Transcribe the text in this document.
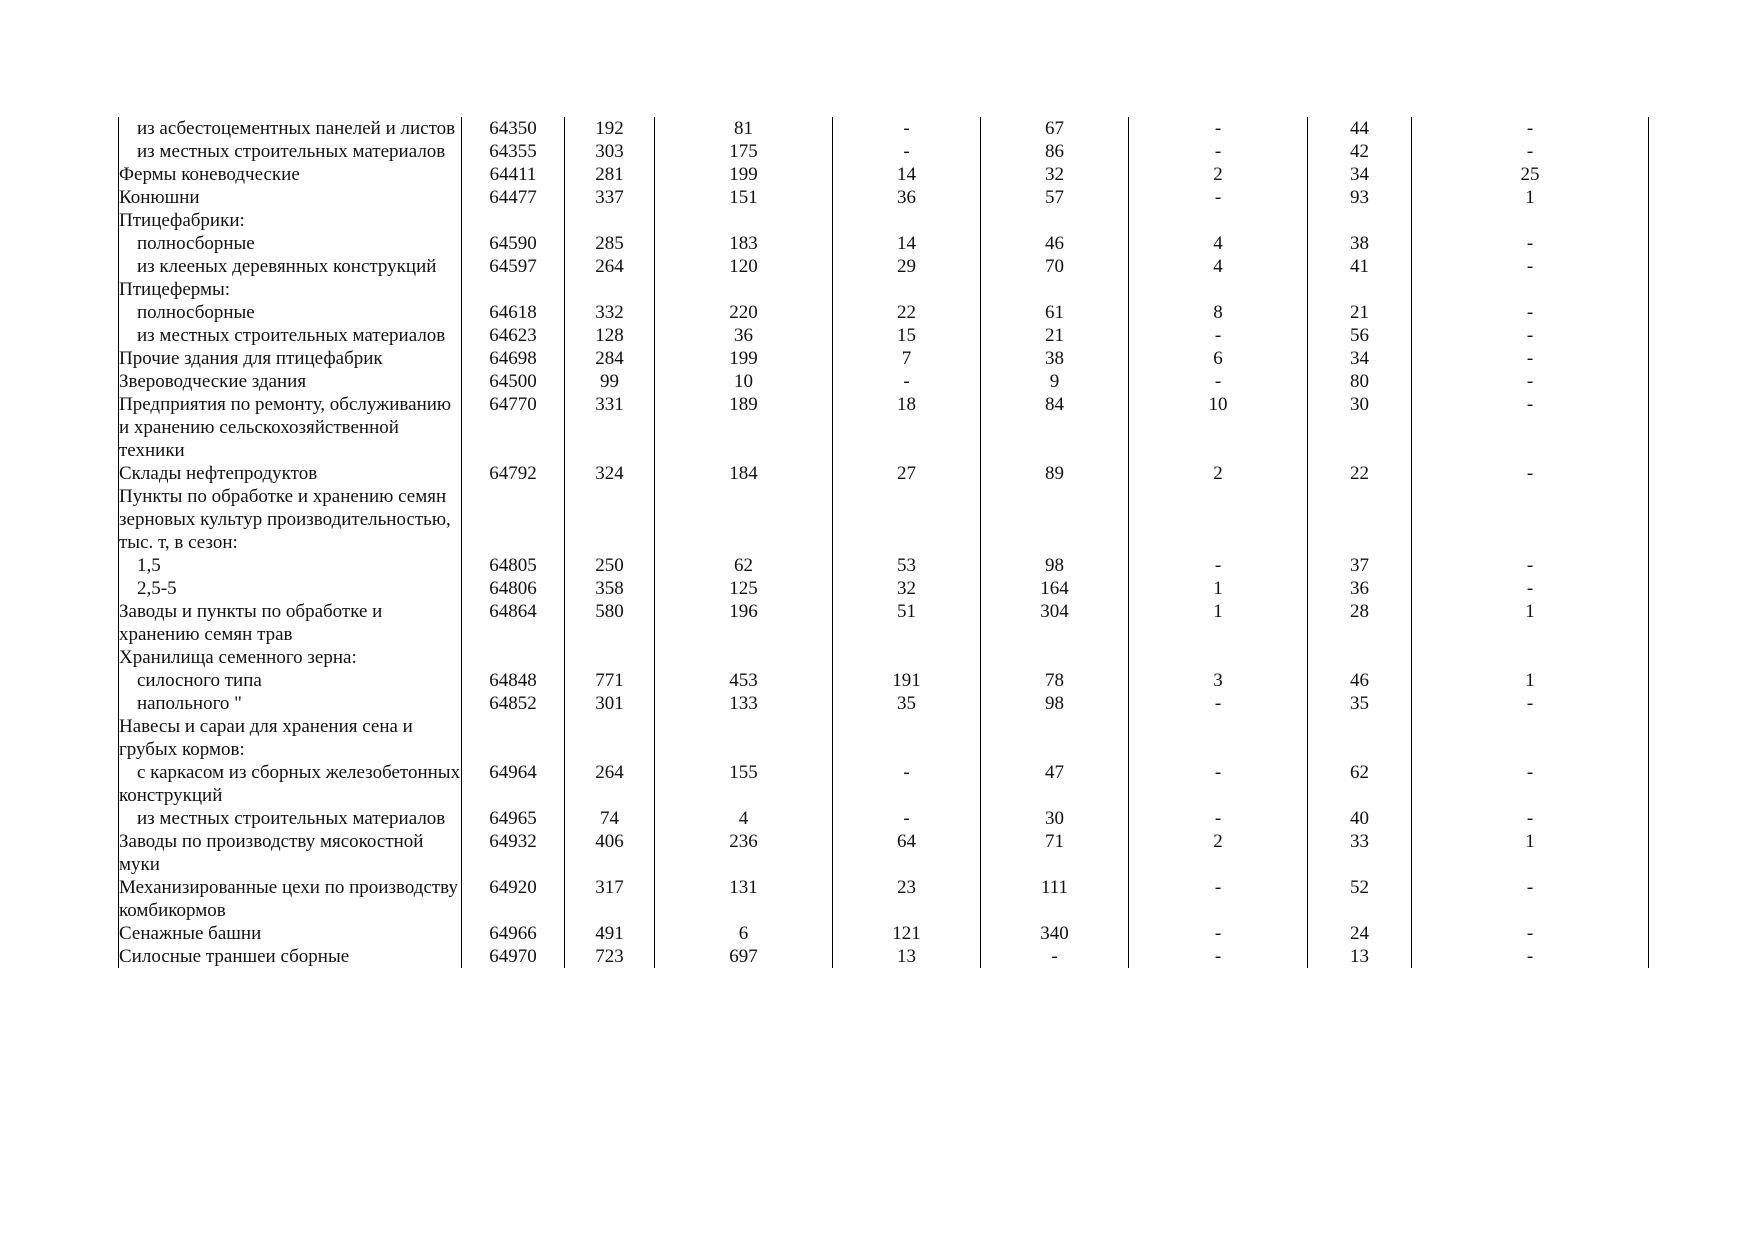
из асбестоцементных панелей и листов	64350	192	81	-	67	-	44	-
из местных строительных материалов	64355	303	175	-	86	-	42	-
Фермы коневодческие	64411	281	199	14	32	2	34	25
Конюшни	64477	337	151	36	57	-	93	1
Птицефабрики:								
полносборные	64590	285	183	14	46	4	38	-
из клееных деревянных конструкций	64597	264	120	29	70	4	41	-
Птицефермы:								
полносборные	64618	332	220	22	61	8	21	-
из местных строительных материалов	64623	128	36	15	21	-	56	-
Прочие здания для птицефабрик	64698	284	199	7	38	6	34	-
Звероводческие здания	64500	99	10	-	9	-	80	-
Предприятия по ремонту, обслуживанию и хранению сельскохозяйственной техники	64770	331	189	18	84	10	30	-
Склады нефтепродуктов	64792	324	184	27	89	2	22	-
Пункты по обработке и хранению семян зерновых культур производительностью, тыс. т, в сезон:								
1,5	64805	250	62	53	98	-	37	-
2,5-5	64806	358	125	32	164	1	36	-
Заводы и пункты по обработке и хранению семян трав	64864	580	196	51	304	1	28	1
Хранилища семенного зерна:								
силосного типа	64848	771	453	191	78	3	46	1
напольного "	64852	301	133	35	98	-	35	-
Навесы и сараи для хранения сена и грубых кормов:								
с каркасом из сборных железобетонных конструкций	64964	264	155	-	47	-	62	-
из местных строительных материалов	64965	74	4	-	30	-	40	-
Заводы по производству мясокостной муки	64932	406	236	64	71	2	33	1
Механизированные цехи по производству комбикормов	64920	317	131	23	111	-	52	-
Сенажные башни	64966	491	6	121	340	-	24	-
Силосные траншеи сборные	64970	723	697	13	-	-	13	-
